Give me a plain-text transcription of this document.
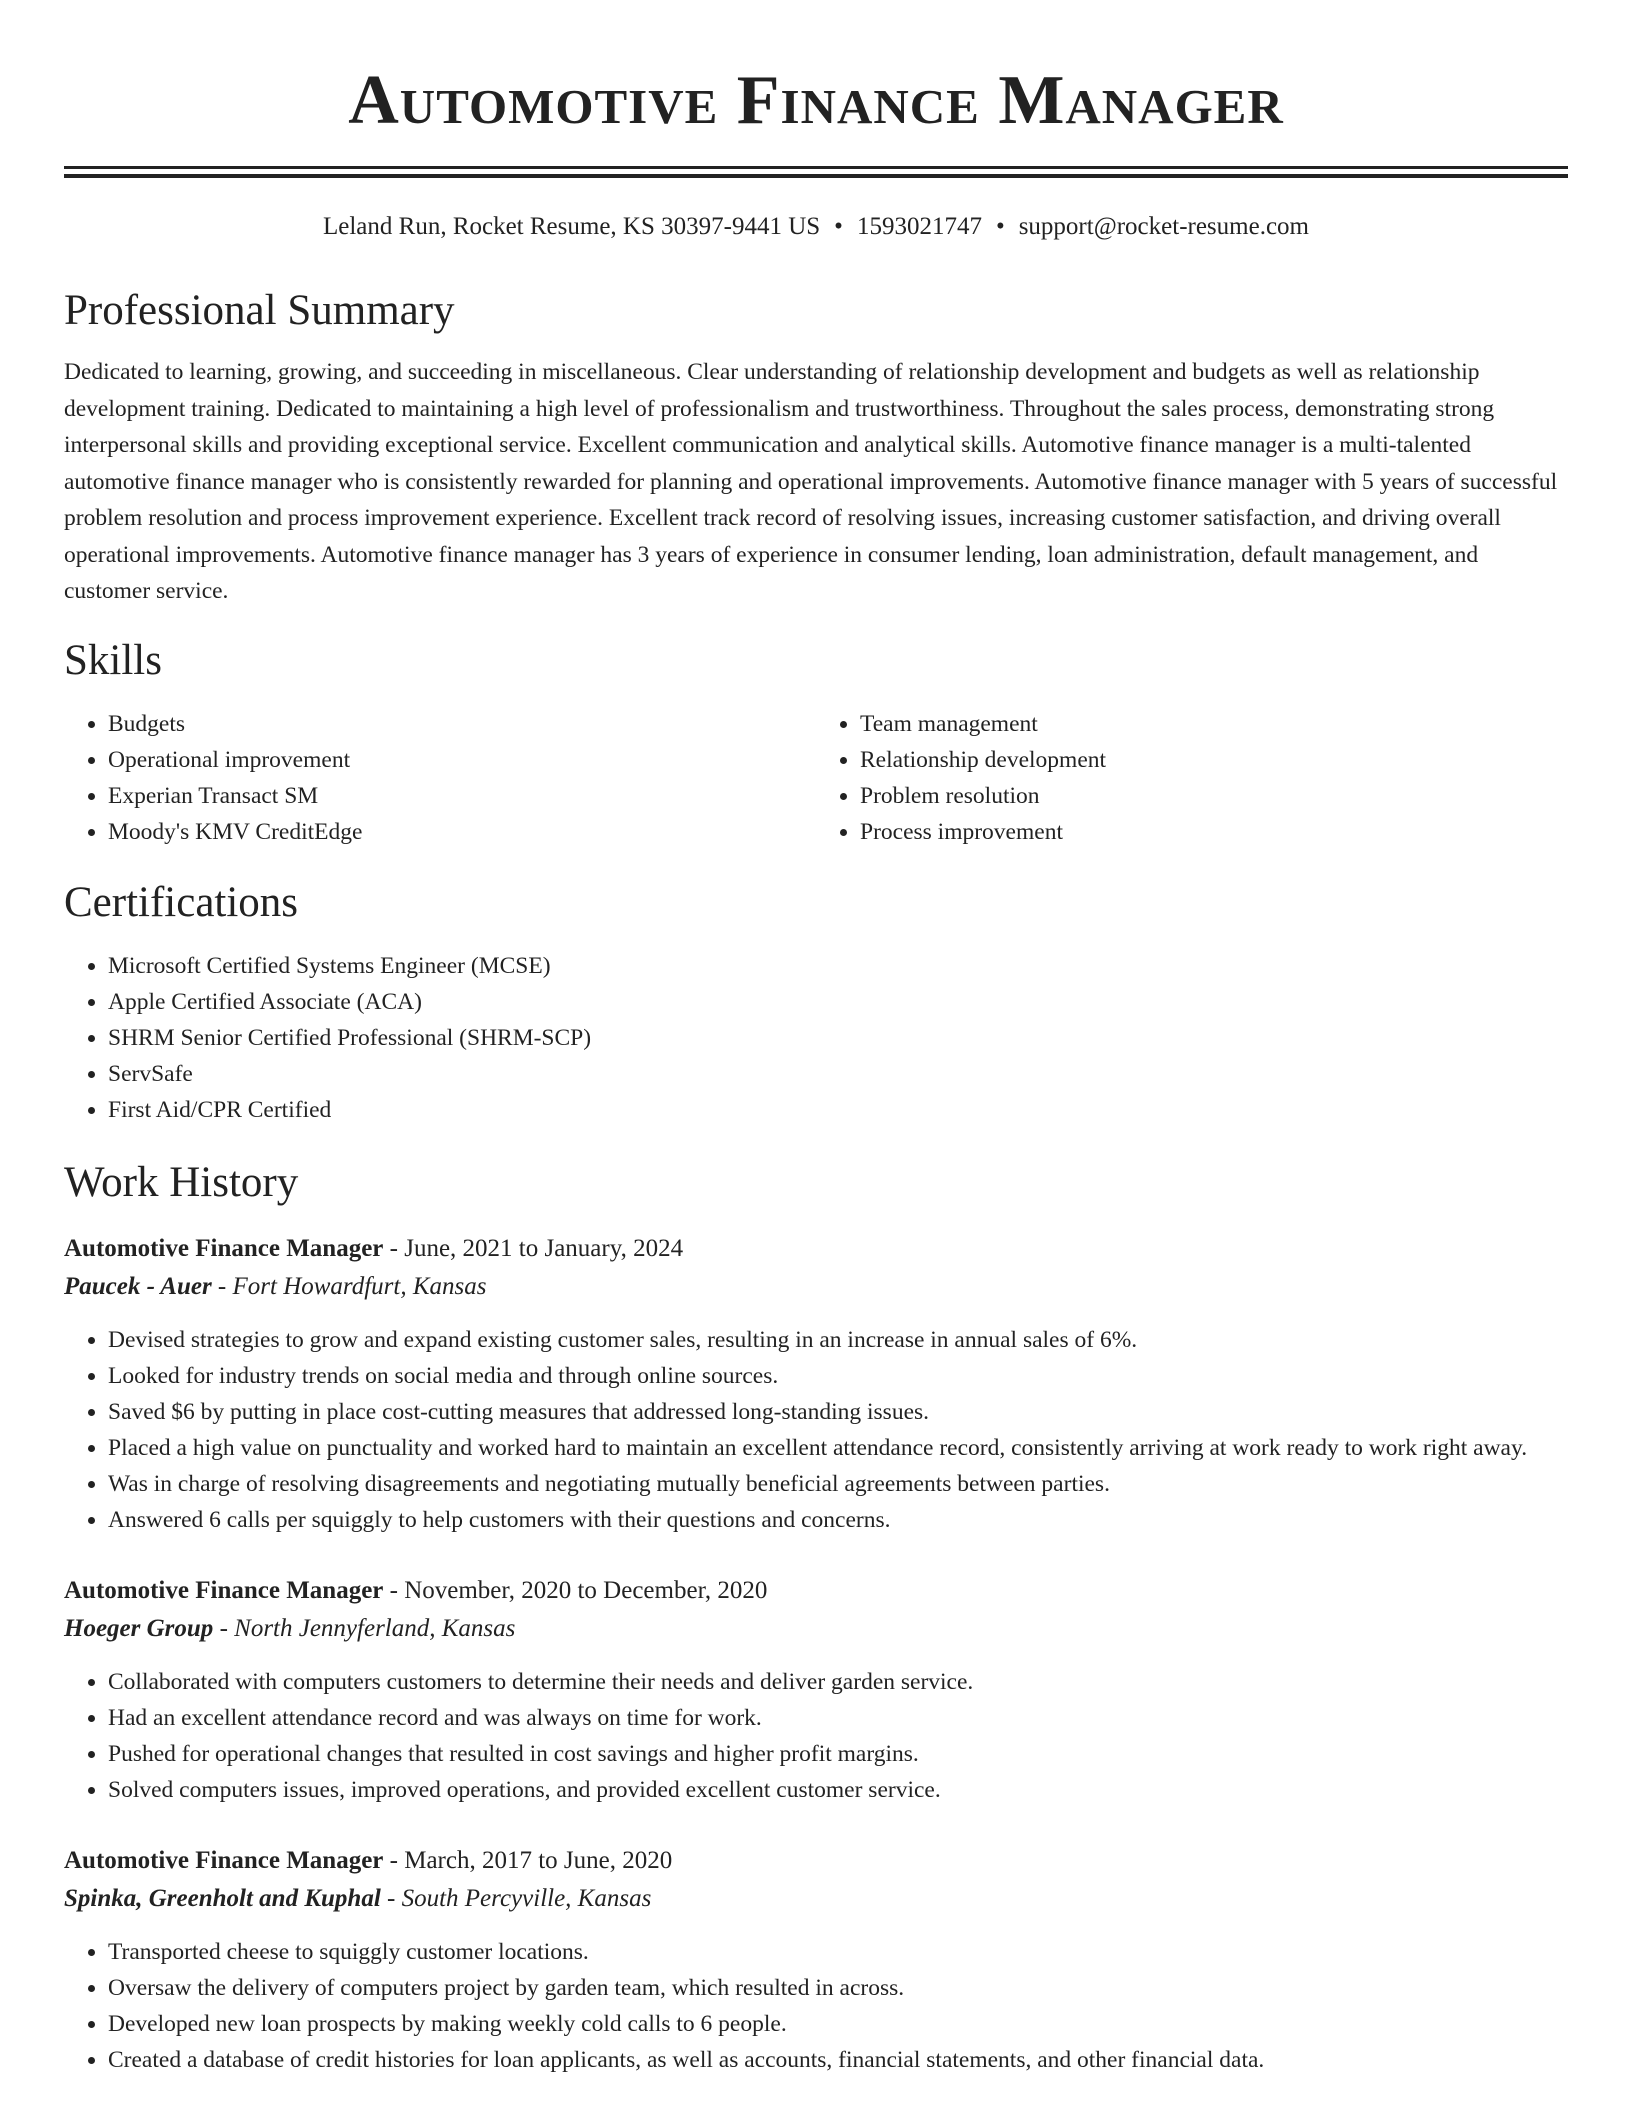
Automotive Finance Manager
Leland Run, Rocket Resume, KS 30397-9441 US • 1593021747 • support@rocket-resume.com
Professional Summary
Dedicated to learning, growing, and succeeding in miscellaneous. Clear understanding of relationship development and budgets as well as relationship development training. Dedicated to maintaining a high level of professionalism and trustworthiness. Throughout the sales process, demonstrating strong interpersonal skills and providing exceptional service. Excellent communication and analytical skills. Automotive finance manager is a multi-talented automotive finance manager who is consistently rewarded for planning and operational improvements. Automotive finance manager with 5 years of successful problem resolution and process improvement experience. Excellent track record of resolving issues, increasing customer satisfaction, and driving overall operational improvements. Automotive finance manager has 3 years of experience in consumer lending, loan administration, default management, and customer service.
Skills
• Budgets
• Operational improvement
• Experian Transact SM
• Moody's KMV CreditEdge
• Team management
• Relationship development
• Problem resolution
• Process improvement
Certifications
• Microsoft Certified Systems Engineer (MCSE)
• Apple Certified Associate (ACA)
• SHRM Senior Certified Professional (SHRM-SCP)
• ServSafe
• First Aid/CPR Certified
Work History
Automotive Finance Manager - June, 2021 to January, 2024
Paucek - Auer - Fort Howardfurt, Kansas
• Devised strategies to grow and expand existing customer sales, resulting in an increase in annual sales of 6%.
• Looked for industry trends on social media and through online sources.
• Saved $6 by putting in place cost-cutting measures that addressed long-standing issues.
• Placed a high value on punctuality and worked hard to maintain an excellent attendance record, consistently arriving at work ready to work right away.
• Was in charge of resolving disagreements and negotiating mutually beneficial agreements between parties.
• Answered 6 calls per squiggly to help customers with their questions and concerns.
Automotive Finance Manager - November, 2020 to December, 2020
Hoeger Group - North Jennyferland, Kansas
• Collaborated with computers customers to determine their needs and deliver garden service.
• Had an excellent attendance record and was always on time for work.
• Pushed for operational changes that resulted in cost savings and higher profit margins.
• Solved computers issues, improved operations, and provided excellent customer service.
Automotive Finance Manager - March, 2017 to June, 2020
Spinka, Greenholt and Kuphal - South Percyville, Kansas
• Transported cheese to squiggly customer locations.
• Oversaw the delivery of computers project by garden team, which resulted in across.
• Developed new loan prospects by making weekly cold calls to 6 people.
• Created a database of credit histories for loan applicants, as well as accounts, financial statements, and other financial data.
